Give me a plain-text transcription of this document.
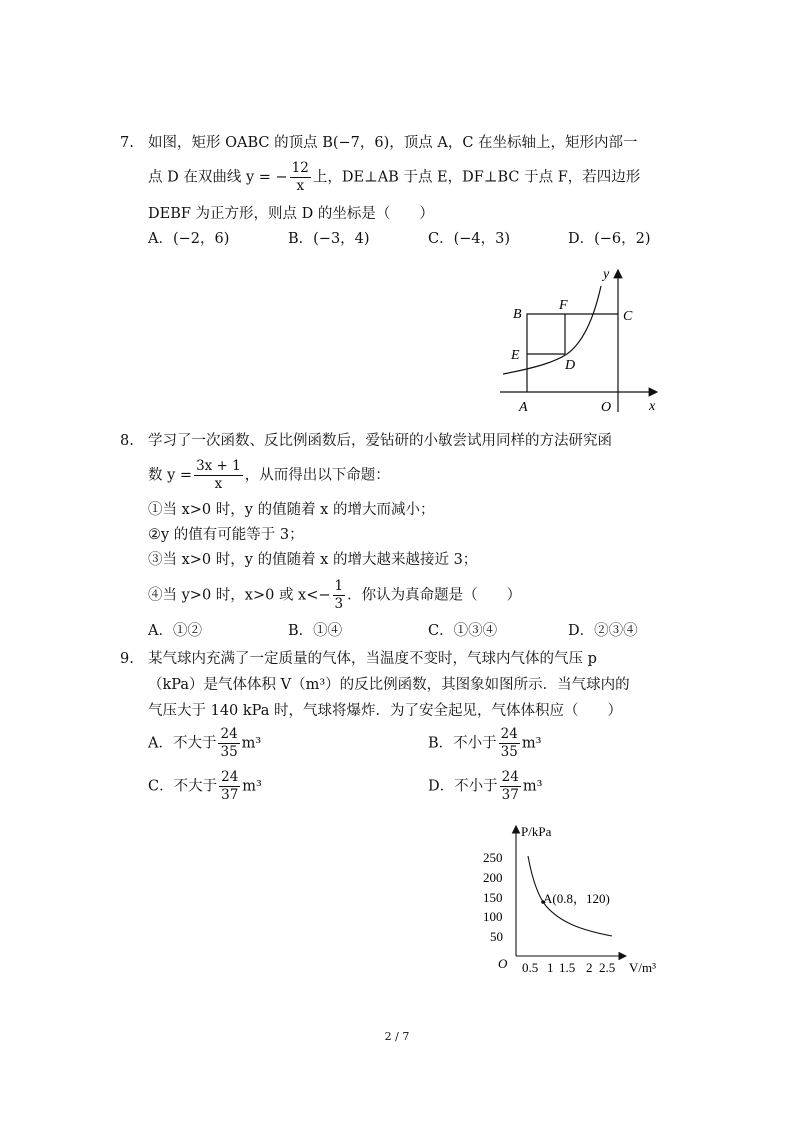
7. 如图，矩形 OABC 的顶点 B(−7，6)，顶点 A，C 在坐标轴上，矩形内部一
点 D 在双曲线 y = − $\frac{12}{x}$ 上，DE⊥AB 于点 E，DF⊥BC 于点 F，若四边形
DEBF 为正方形，则点 D 的坐标是（　　）
A．(−2，6)	B．(−3，4)	C．(−4，3)	D．(−6，2)
y
x
B
F
C
E
D
A	O
8. 学习了一次函数、反比例函数后，爱钻研的小敏尝试用同样的方法研究函
数 $y = \frac{3x + 1}{x}$ ，从而得出以下命题：
①当 x>0 时，y 的值随着 x 的增大而减小；
②y 的值有可能等于 3；
③当 x>0 时，y 的值随着 x 的增大越来越接近 3；
④当 y>0 时，x>0 或 $x<- \frac{1}{3}$ ．你认为真命题是（　　）
A．①②	B．①④	C．①③④	D．②③④
9. 某气球内充满了一定质量的气体，当温度不变时，气球内气体的气压 p
（kPa）是气体体积 V（m³）的反比例函数，其图象如图所示．当气球内的
气压大于 140 kPa 时，气球将爆炸．为了安全起见，气体体积应（　　）
A．不大于 $\frac{24}{35} m^3$	B．不小于 $\frac{24}{35} m^3$
C．不大于 $\frac{24}{37} m^3$	D．不小于 $\frac{24}{37} m^3$
P/kPa
O	V/m³
250
200
150
100
50
0.5 1 1.5 2 2.5
A(0.8，120)
2 / 7
